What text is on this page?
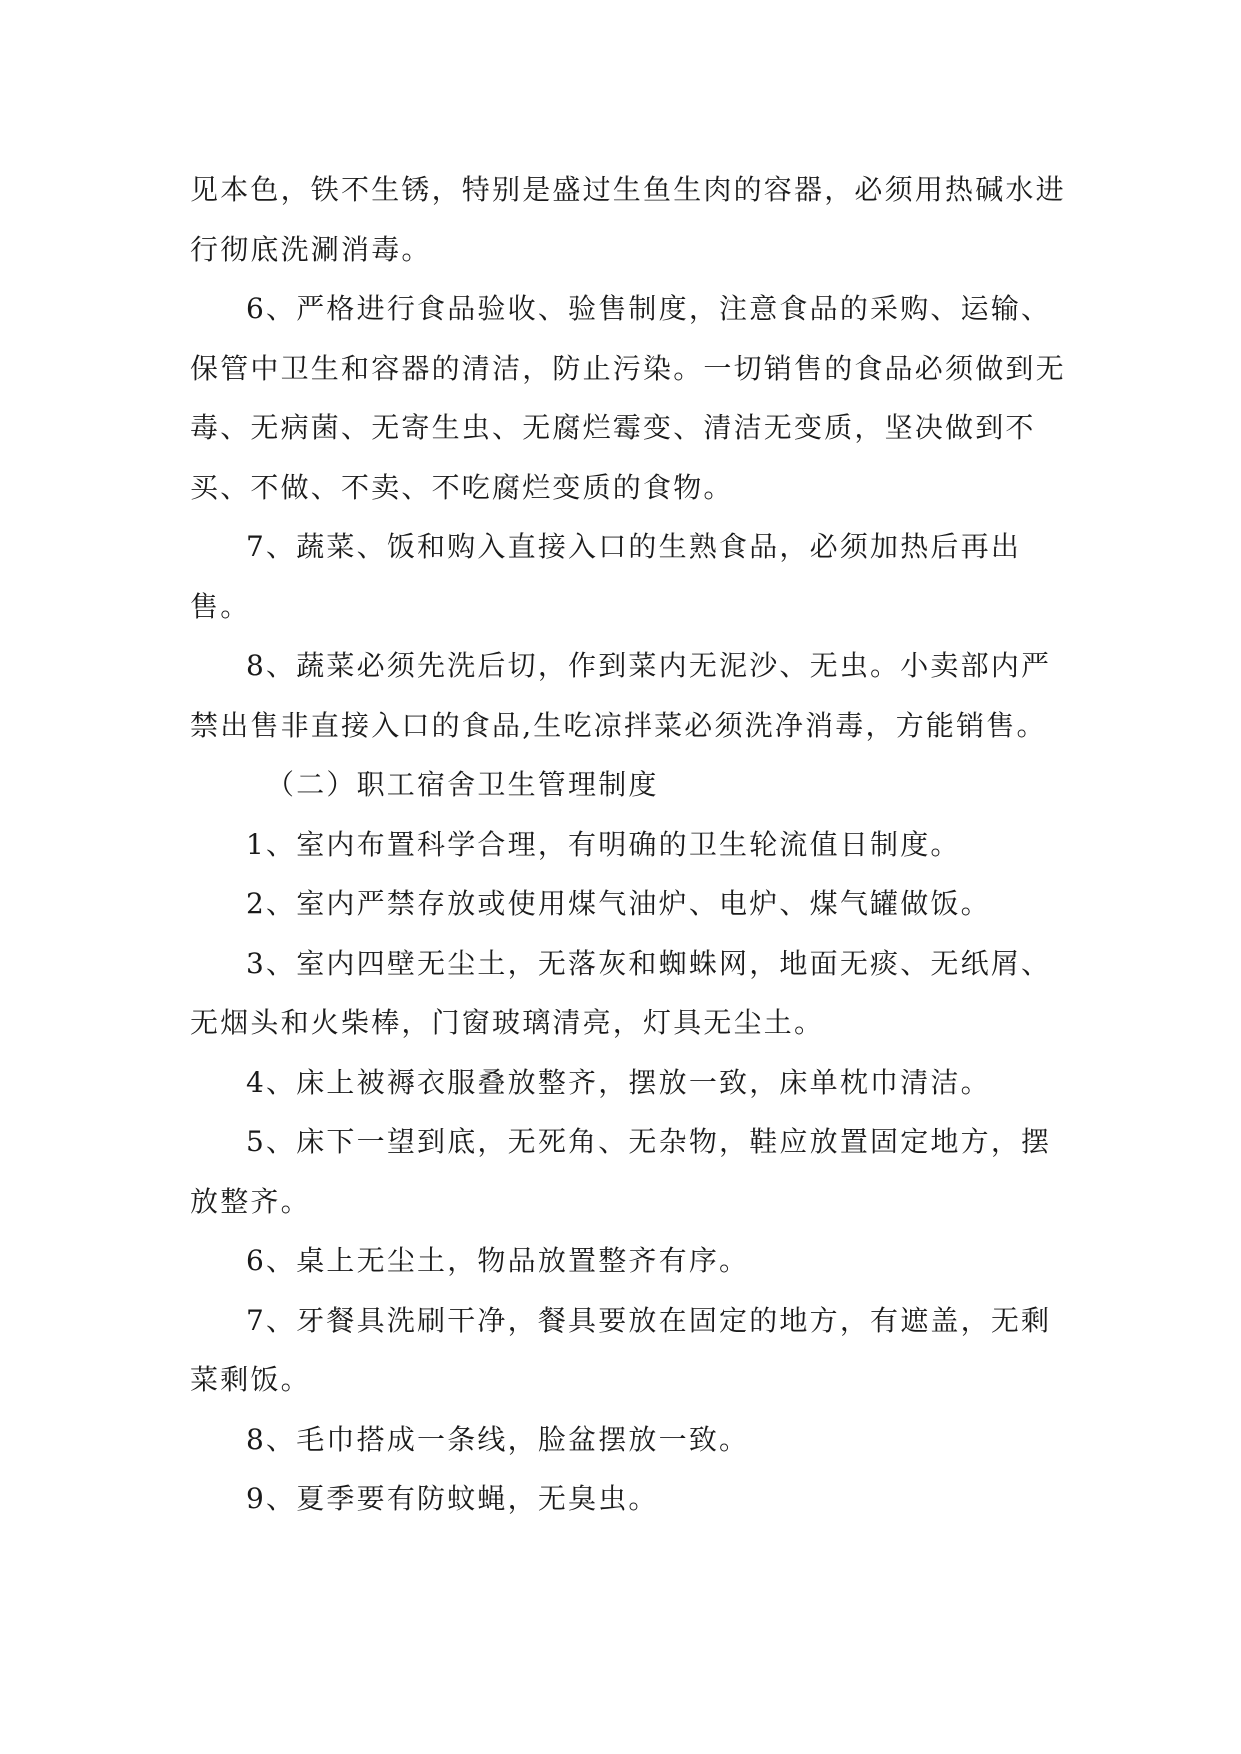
见本色，铁不生锈，特别是盛过生鱼生肉的容器，必须用热碱水进行彻底洗涮消毒。

6、严格进行食品验收、验售制度，注意食品的采购、运输、保管中卫生和容器的清洁，防止污染。一切销售的食品必须做到无毒、无病菌、无寄生虫、无腐烂霉变、清洁无变质，坚决做到不买、不做、不卖、不吃腐烂变质的食物。

7、蔬菜、饭和购入直接入口的生熟食品，必须加热后再出售。

8、蔬菜必须先洗后切，作到菜内无泥沙、无虫。小卖部内严禁出售非直接入口的食品,生吃凉拌菜必须洗净消毒，方能销售。

（二）职工宿舍卫生管理制度

1、室内布置科学合理，有明确的卫生轮流值日制度。

2、室内严禁存放或使用煤气油炉、电炉、煤气罐做饭。

3、室内四壁无尘土，无落灰和蜘蛛网，地面无痰、无纸屑、无烟头和火柴棒，门窗玻璃清亮，灯具无尘土。

4、床上被褥衣服叠放整齐，摆放一致，床单枕巾清洁。

5、床下一望到底，无死角、无杂物，鞋应放置固定地方，摆放整齐。

6、桌上无尘土，物品放置整齐有序。

7、牙餐具洗刷干净，餐具要放在固定的地方，有遮盖，无剩菜剩饭。

8、毛巾搭成一条线，脸盆摆放一致。

9、夏季要有防蚊蝇，无臭虫。
